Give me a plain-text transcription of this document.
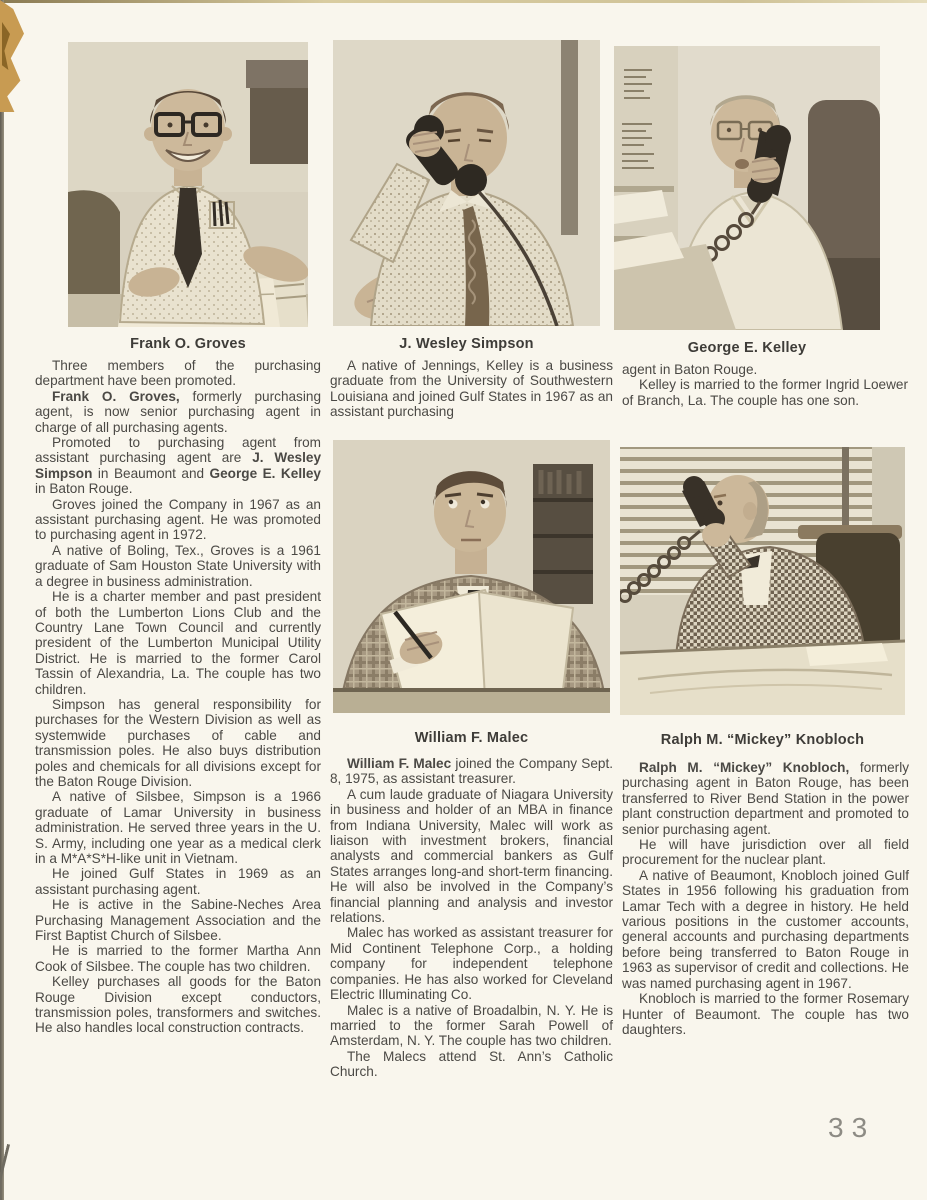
Frank O. Groves	J. Wesley Simpson	George E. Kelley
William F. Malec	Ralph M. “Mickey” Knobloch

Three members of the purchasing department have been promoted.

Frank O. Groves, formerly purchasing agent, is now senior purchasing agent in charge of all purchasing agents.

Promoted to purchasing agent from assistant purchasing agent are J. Wesley Simpson in Beaumont and George E. Kelley in Baton Rouge.

Groves joined the Company in 1967 as an assistant purchasing agent. He was promoted to purchasing agent in 1972.

A native of Boling, Tex., Groves is a 1961 graduate of Sam Houston State University with a degree in business administration.

He is a charter member and past president of both the Lumberton Lions Club and the Country Lane Town Council and currently president of the Lumberton Municipal Utility District. He is married to the former Carol Tassin of Alexandria, La. The couple has two children.

Simpson has general responsibility for purchases for the Western Division as well as systemwide purchases of cable and transmission poles. He also buys distribution poles and chemicals for all divisions except for the Baton Rouge Division.

A native of Silsbee, Simpson is a 1966 graduate of Lamar University in business administration. He served three years in the U. S. Army, including one year as a medical clerk in a M*A*S*H-like unit in Vietnam.

He joined Gulf States in 1969 as an assistant purchasing agent.

He is active in the Sabine-Neches Area Purchasing Management Association and the First Baptist Church of Silsbee.

He is married to the former Martha Ann Cook of Silsbee. The couple has two children.

Kelley purchases all goods for the Baton Rouge Division except conductors, transmission poles, transformers and switches. He also handles local construction contracts.

A native of Jennings, Kelley is a business graduate from the University of Southwestern Louisiana and joined Gulf States in 1967 as an assistant purchasing

agent in Baton Rouge.

Kelley is married to the former Ingrid Loewer of Branch, La. The couple has one son.

William F. Malec joined the Company Sept. 8, 1975, as assistant treasurer.

A cum laude graduate of Niagara University in business and holder of an MBA in finance from Indiana University, Malec will work as liaison with investment brokers, financial analysts and commercial bankers as Gulf States arranges long-and short-term financing. He will also be involved in the Company’s financial planning and analysis and investor relations.

Malec has worked as assistant treasurer for Mid Continent Telephone Corp., a holding company for independent telephone companies. He has also worked for Cleveland Electric Illuminating Co.

Malec is a native of Broadalbin, N. Y. He is married to the former Sarah Powell of Amsterdam, N. Y. The couple has two children.

The Malecs attend St. Ann’s Catholic Church.

Ralph M. “Mickey” Knobloch, formerly purchasing agent in Baton Rouge, has been transferred to River Bend Station in the power plant construction department and promoted to senior purchasing agent.

He will have jurisdiction over all field procurement for the nuclear plant.

A native of Beaumont, Knobloch joined Gulf States in 1956 following his graduation from Lamar Tech with a degree in history. He held various positions in the customer accounts, general accounts and purchasing departments before being transferred to Baton Rouge in 1963 as supervisor of credit and collections. He was named purchasing agent in 1967.

Knobloch is married to the former Rosemary Hunter of Beaumont. The couple has two daughters.

33
